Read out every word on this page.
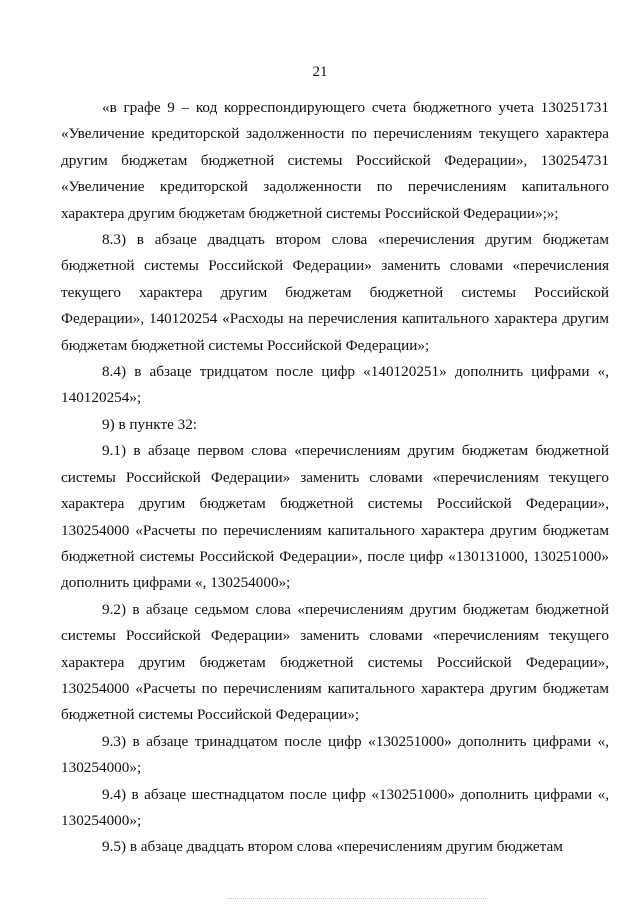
21

«в графе 9 – код корреспондирующего счета бюджетного учета 130251731 «Увеличение кредиторской задолженности по перечислениям текущего характера другим бюджетам бюджетной системы Российской Федерации», 130254731 «Увеличение кредиторской задолженности по перечислениям капитального характера другим бюджетам бюджетной системы Российской Федерации»;»;

8.3) в абзаце двадцать втором слова «перечисления другим бюджетам бюджетной системы Российской Федерации» заменить словами «перечисления текущего характера другим бюджетам бюджетной системы Российской Федерации», 140120254 «Расходы на перечисления капитального характера другим бюджетам бюджетной системы Российской Федерации»;

8.4) в абзаце тридцатом после цифр «140120251» дополнить цифрами «, 140120254»;

9) в пункте 32:

9.1) в абзаце первом слова «перечислениям другим бюджетам бюджетной системы Российской Федерации» заменить словами «перечислениям текущего характера другим бюджетам бюджетной системы Российской Федерации», 130254000 «Расчеты по перечислениям капитального характера другим бюджетам бюджетной системы Российской Федерации», после цифр «130131000, 130251000» дополнить цифрами «, 130254000»;

9.2) в абзаце седьмом слова «перечислениям другим бюджетам бюджетной системы Российской Федерации» заменить словами «перечислениям текущего характера другим бюджетам бюджетной системы Российской Федерации», 130254000 «Расчеты по перечислениям капитального характера другим бюджетам бюджетной системы Российской Федерации»;

9.3) в абзаце тринадцатом после цифр «130251000» дополнить цифрами «, 130254000»;

9.4) в абзаце шестнадцатом после цифр «130251000» дополнить цифрами «, 130254000»;

9.5) в абзаце двадцать втором слова «перечислениям другим бюджетам
